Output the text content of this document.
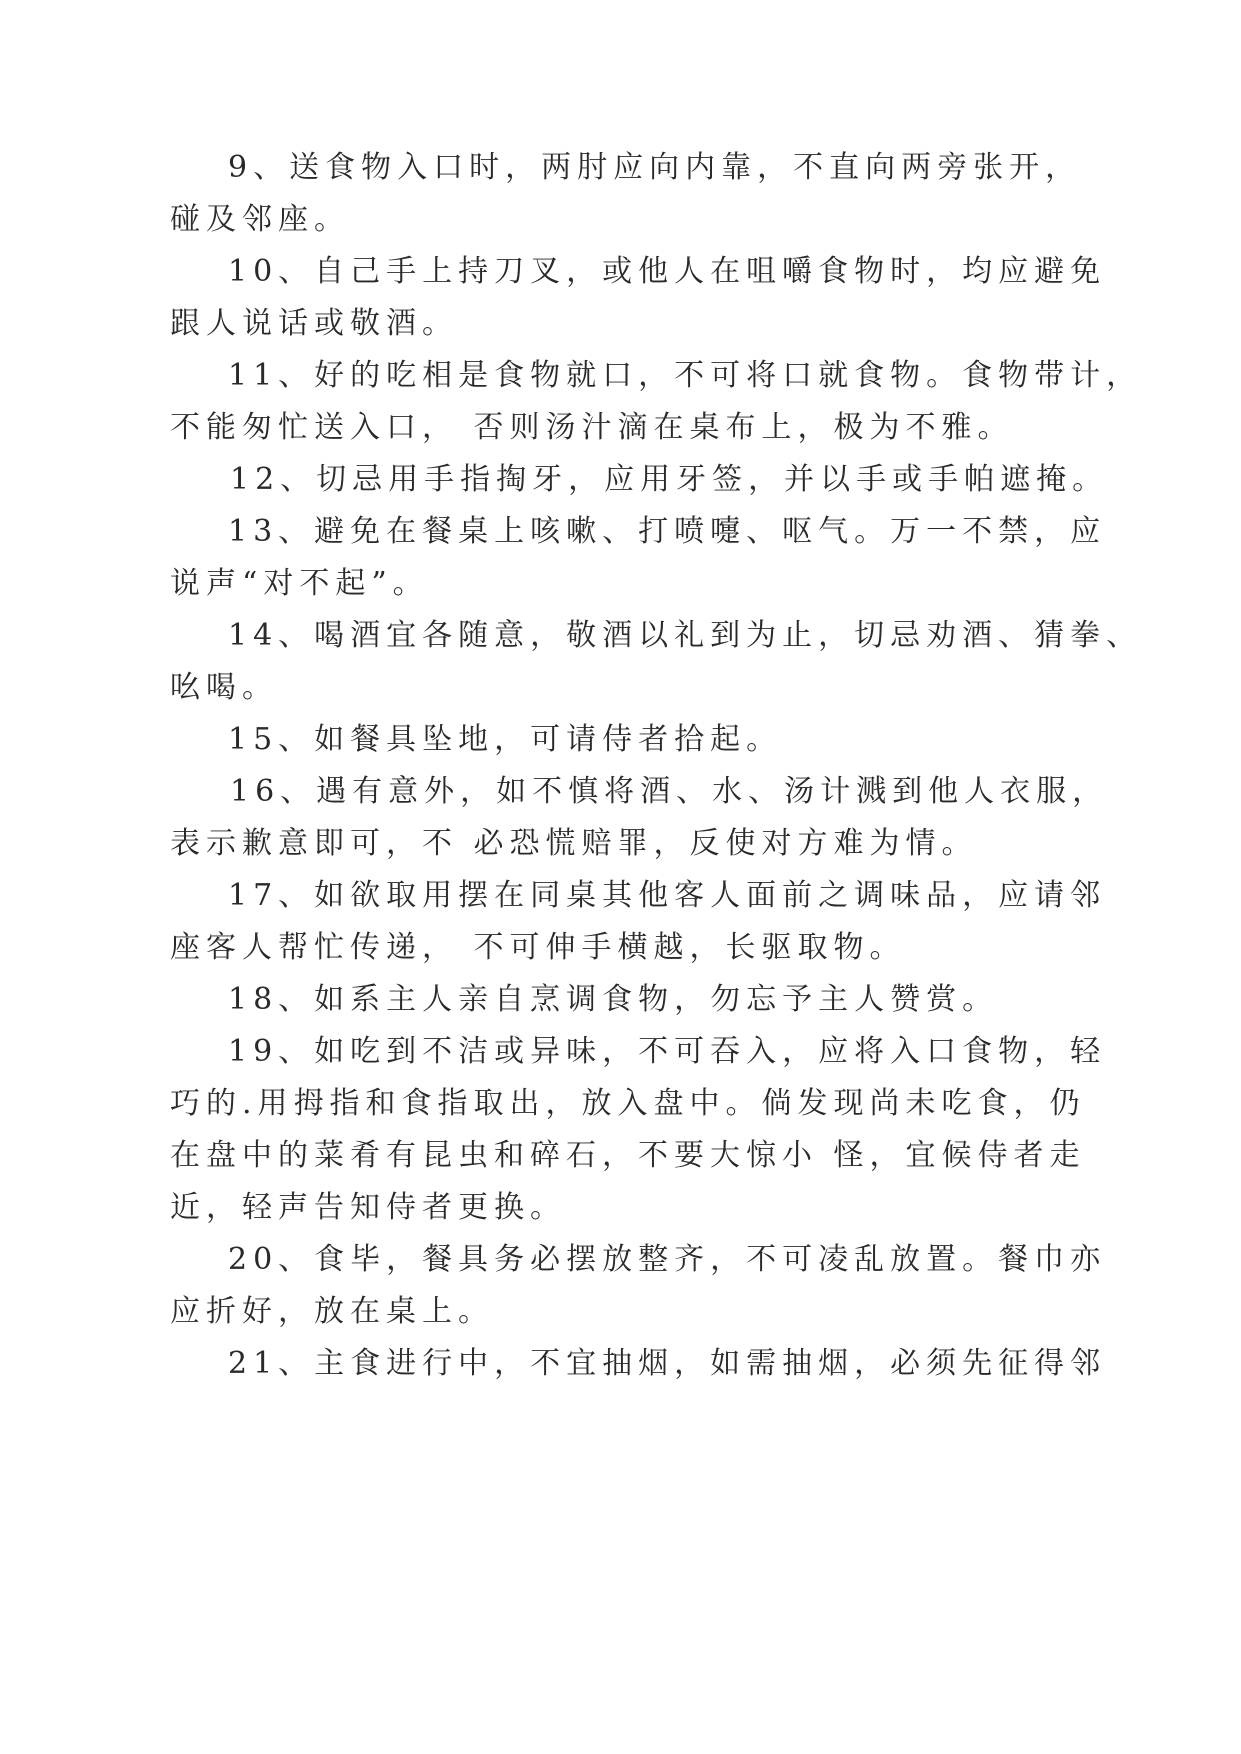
9、送食物入口时，两肘应向内靠，不直向两旁张开，
碰及邻座。
10、自己手上持刀叉，或他人在咀嚼食物时，均应避免
跟人说话或敬酒。
11、好的吃相是食物就口，不可将口就食物。食物带计，
不能匆忙送入口， 否则汤汁滴在桌布上，极为不雅。
12、切忌用手指掏牙，应用牙签，并以手或手帕遮掩。
13、避免在餐桌上咳嗽、打喷嚏、呕气。万一不禁，应
说声“对不起”。
14、喝酒宜各随意，敬酒以礼到为止，切忌劝酒、猜拳、
吆喝。
15、如餐具坠地，可请侍者拾起。
16、遇有意外，如不慎将酒、水、汤计溅到他人衣服，
表示歉意即可，不 必恐慌赔罪，反使对方难为情。
17、如欲取用摆在同桌其他客人面前之调味品，应请邻
座客人帮忙传递， 不可伸手横越，长驱取物。
18、如系主人亲自烹调食物，勿忘予主人赞赏。
19、如吃到不洁或异味，不可吞入，应将入口食物，轻
巧的.用拇指和食指取出，放入盘中。倘发现尚未吃食，仍
在盘中的菜肴有昆虫和碎石，不要大惊小 怪，宜候侍者走
近，轻声告知侍者更换。
20、食毕，餐具务必摆放整齐，不可凌乱放置。餐巾亦
应折好，放在桌上。
21、主食进行中，不宜抽烟，如需抽烟，必须先征得邻
